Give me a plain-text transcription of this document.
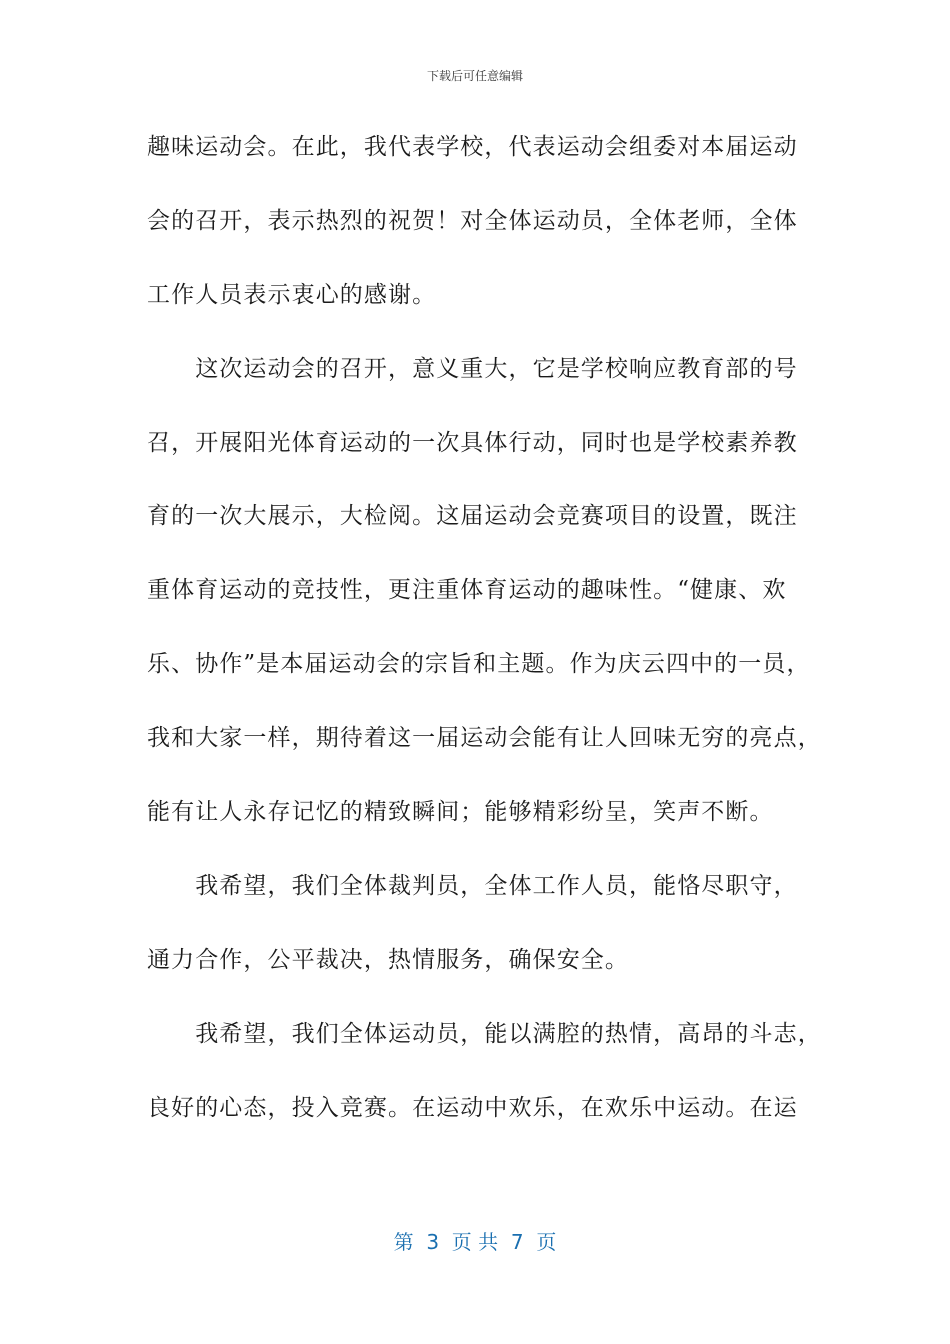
下载后可任意编辑
趣味运动会。在此，我代表学校，代表运动会组委对本届运动
会的召开，表示热烈的祝贺！对全体运动员，全体老师，全体
工作人员表示衷心的感谢。
　　这次运动会的召开，意义重大，它是学校响应教育部的号
召，开展阳光体育运动的一次具体行动，同时也是学校素养教
育的一次大展示，大检阅。这届运动会竞赛项目的设置，既注
重体育运动的竞技性，更注重体育运动的趣味性。“健康、欢
乐、协作”是本届运动会的宗旨和主题。作为庆云四中的一员，
我和大家一样，期待着这一届运动会能有让人回味无穷的亮点，
能有让人永存记忆的精致瞬间；能够精彩纷呈，笑声不断。
　　我希望，我们全体裁判员，全体工作人员，能恪尽职守，
通力合作，公平裁决，热情服务，确保安全。
　　我希望，我们全体运动员，能以满腔的热情，高昂的斗志，
良好的心态，投入竞赛。在运动中欢乐，在欢乐中运动。在运
第  3  页 共  7  页
